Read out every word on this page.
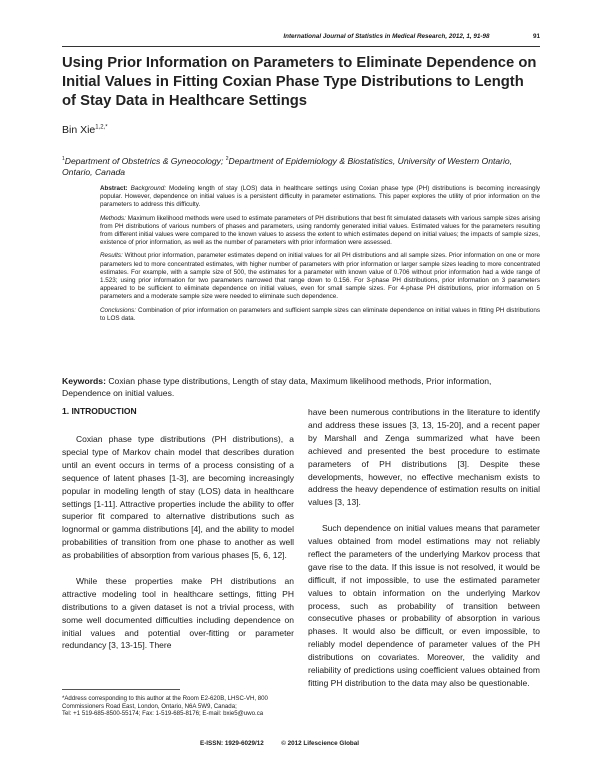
International Journal of Statistics in Medical Research, 2012, 1, 91-98	91
Using Prior Information on Parameters to Eliminate Dependence on Initial Values in Fitting Coxian Phase Type Distributions to Length of Stay Data in Healthcare Settings
Bin Xie$^{1,2,*}$
$^1$Department of Obstetrics & Gyneocology; $^2$Department of Epidemiology & Biostatistics, University of Western Ontario, Ontario, Canada

Abstract: Background: Modeling length of stay (LOS) data in healthcare settings using Coxian phase type (PH) distributions is becoming increasingly popular. However, dependence on initial values is a persistent difficulty in parameter estimations. This paper explores the utility of prior information on the parameters to address this difficulty.

Methods: Maximum likelihood methods were used to estimate parameters of PH distributions that best fit simulated datasets with various sample sizes arising from PH distributions of various numbers of phases and parameters, using randomly generated initial values. Estimated values for the parameters resulting from different initial values were compared to the known values to assess the extent to which estimates depend on initial values; the impacts of sample sizes, existence of prior information, as well as the number of parameters with prior information were assessed.

Results: Without prior information, parameter estimates depend on initial values for all PH distributions and all sample sizes. Prior information on one or more parameters led to more concentrated estimates, with higher number of parameters with prior information or larger sample sizes leading to more concentrated estimates. For example, with a sample size of 500, the estimates for a parameter with known value of 0.706 without prior information had a wide range of 1.523; using prior information for two parameters narrowed that range down to 0.156. For 3-phase PH distributions, prior information on 3 parameters appeared to be sufficient to eliminate dependence on initial values, even for small sample sizes. For 4-phase PH distributions, prior information on 5 parameters and a moderate sample size were needed to eliminate such dependence.

Conclusions: Combination of prior information on parameters and sufficient sample sizes can eliminate dependence on initial values in fitting PH distributions to LOS data.

Keywords: Coxian phase type distributions, Length of stay data, Maximum likelihood methods, Prior information, Dependence on initial values.
1. INTRODUCTION

Coxian phase type distributions (PH distributions), a special type of Markov chain model that describes duration until an event occurs in terms of a process consisting of a sequence of latent phases [1-3], are becoming increasingly popular in modeling length of stay (LOS) data in healthcare settings [1-11]. Attractive properties include the ability to offer superior fit compared to alternative distributions such as lognormal or gamma distributions [4], and the ability to model probabilities of transition from one phase to another as well as probabilities of absorption from various phases [5, 6, 12].

While these properties make PH distributions an attractive modeling tool in healthcare settings, fitting PH distributions to a given dataset is not a trivial process, with some well documented difficulties including dependence on initial values and potential over-fitting or parameter redundancy [3, 13-15]. There

have been numerous contributions in the literature to identify and address these issues [3, 13, 15-20], and a recent paper by Marshall and Zenga summarized what have been achieved and presented the best procedure to estimate parameters of PH distributions [3]. Despite these developments, however, no effective mechanism exists to address the heavy dependence of estimation results on initial values [3, 13].

Such dependence on initial values means that parameter values obtained from model estimations may not reliably reflect the parameters of the underlying Markov process that gave rise to the data. If this issue is not resolved, it would be difficult, if not impossible, to use the estimated parameter values to obtain information on the underlying Markov process, such as probability of transition between consecutive phases or probability of absorption in various phases. It would also be difficult, or even impossible, to reliably model dependence of parameter values of the PH distributions on covariates. Moreover, the validity and reliability of predictions using coefficient values obtained from fitting PH distribution to the data may also be questionable.

*Address corresponding to this author at the Room E2-620B, LHSC-VH, 800 Commissioners Road East, London, Ontario, N6A 5W9, Canada;
Tel: +1 519-685-8500-55174; Fax: 1-519-685-8176; E-mail: bxie5@uwo.ca
E-ISSN: 1929-6029/12	© 2012 Lifescience Global
